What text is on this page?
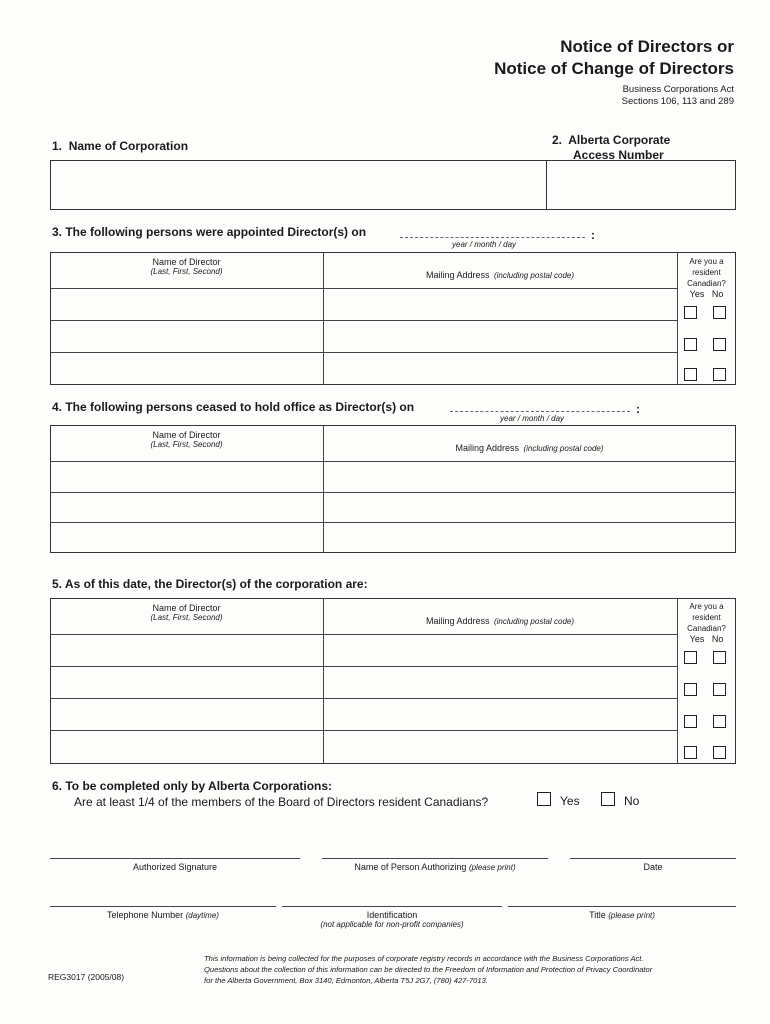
Notice of Directors or
Notice of Change of Directors
Business Corporations Act
Sections 106, 113 and 289
1. Name of Corporation	2. Alberta Corporate
Access Number
3. The following persons were appointed Director(s) on	:
year / month / day
Name of Director
(Last, First, Second)	Mailing Address (including postal code)
Are you a
resident
Canadian?
Yes No
4. The following persons ceased to hold office as Director(s) on	:
year / month / day
Name of Director
(Last, First, Second)	Mailing Address (including postal code)
5. As of this date, the Director(s) of the corporation are:
Name of Director
(Last, First, Second)	Mailing Address (including postal code)
Are you a
resident
Canadian?
Yes No
6. To be completed only by Alberta Corporations:
Are at least 1/4 of the members of the Board of Directors resident Canadians?	Yes	No
Authorized Signature	Name of Person Authorizing (please print)	Date
Telephone Number (daytime)	Identification
(not applicable for non-profit companies)
Title (please print)
REG3017 (2005/08)
This information is being collected for the purposes of corporate registry records in accordance with the Business Corporations Act.
Questions about the collection of this information can be directed to the Freedom of Information and Protection of Privacy Coordinator
for the Alberta Government, Box 3140, Edmonton, Alberta T5J 2G7, (780) 427-7013.
